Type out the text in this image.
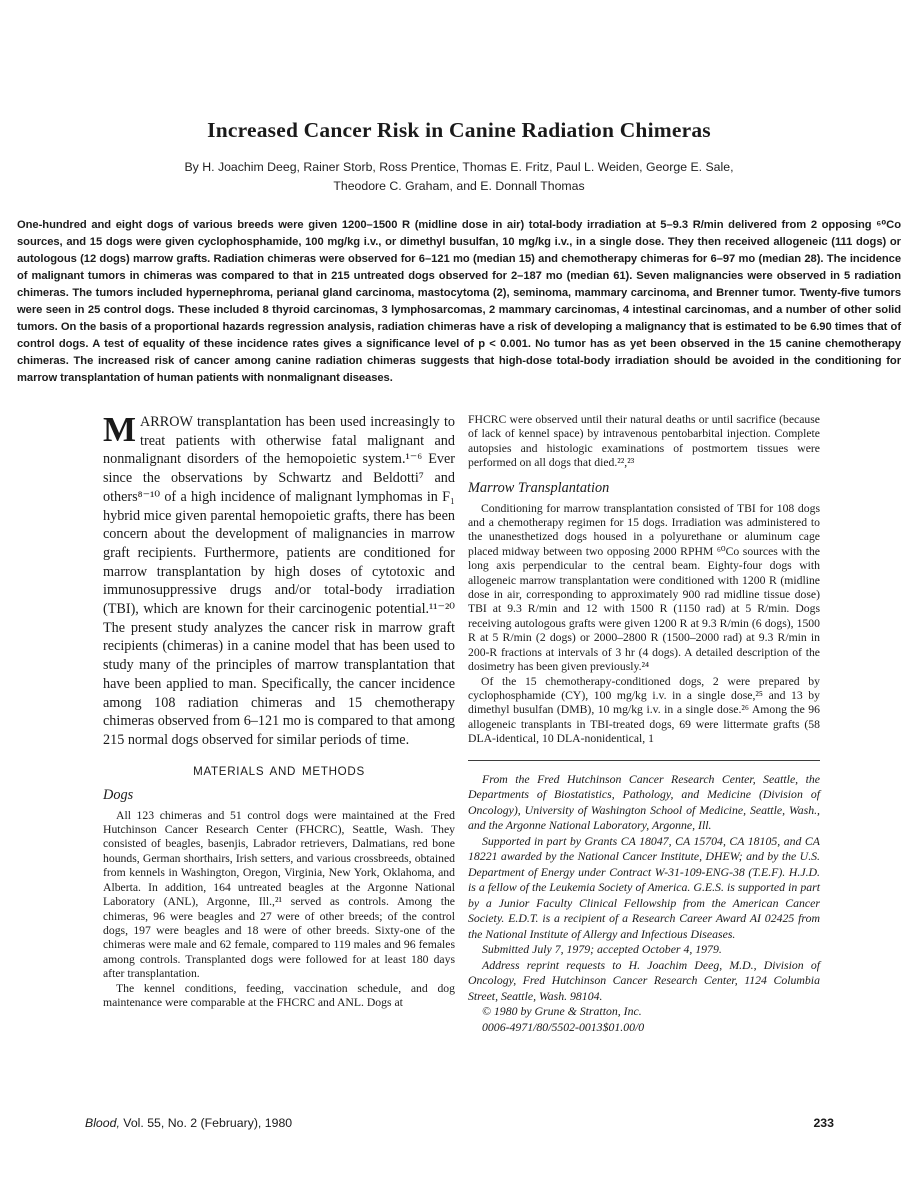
Increased Cancer Risk in Canine Radiation Chimeras
By H. Joachim Deeg, Rainer Storb, Ross Prentice, Thomas E. Fritz, Paul L. Weiden, George E. Sale,
Theodore C. Graham, and E. Donnall Thomas

One-hundred and eight dogs of various breeds were given 1200–1500 R (midline dose in air) total-body irradiation at 5–9.3 R/min delivered from 2 opposing ⁶⁰Co sources, and 15 dogs were given cyclophosphamide, 100 mg/kg i.v., or dimethyl busulfan, 10 mg/kg i.v., in a single dose. They then received allogeneic (111 dogs) or autologous (12 dogs) marrow grafts. Radiation chimeras were observed for 6–121 mo (median 15) and chemotherapy chimeras for 6–97 mo (median 28). The incidence of malignant tumors in chimeras was compared to that in 215 untreated dogs observed for 2–187 mo (median 61). Seven malignancies were observed in 5 radiation chimeras. The tumors included hypernephroma, perianal gland carcinoma, mastocytoma (2), seminoma, mammary carcinoma, and Brenner tumor. Twenty-five tumors were seen in 25 control dogs. These included 8 thyroid carcinomas, 3 lymphosarcomas, 2 mammary carcinomas, 4 intestinal carcinomas, and a number of other solid tumors. On the basis of a proportional hazards regression analysis, radiation chimeras have a risk of developing a malignancy that is estimated to be 6.90 times that of control dogs. A test of equality of these incidence rates gives a significance level of p < 0.001. No tumor has as yet been observed in the 15 canine chemotherapy chimeras. The increased risk of cancer among canine radiation chimeras suggests that high-dose total-body irradiation should be avoided in the conditioning for marrow transplantation of human patients with nonmalignant diseases.

MARROW transplantation has been used increasingly to treat patients with otherwise fatal malignant and nonmalignant disorders of the hemopoietic system.¹⁻⁶ Ever since the observations by Schwartz and Beldotti⁷ and others⁸⁻¹⁰ of a high incidence of malignant lymphomas in F₁ hybrid mice given parental hemopoietic grafts, there has been concern about the development of malignancies in marrow graft recipients. Furthermore, patients are conditioned for marrow transplantation by high doses of cytotoxic and immunosuppressive drugs and/or total-body irradiation (TBI), which are known for their carcinogenic potential.¹¹⁻²⁰ The present study analyzes the cancer risk in marrow graft recipients (chimeras) in a canine model that has been used to study many of the principles of marrow transplantation that have been applied to man. Specifically, the cancer incidence among 108 radiation chimeras and 15 chemotherapy chimeras observed from 6–121 mo is compared to that among 215 normal dogs observed for similar periods of time.

MATERIALS AND METHODS
Dogs

All 123 chimeras and 51 control dogs were maintained at the Fred Hutchinson Cancer Research Center (FHCRC), Seattle, Wash. They consisted of beagles, basenjis, Labrador retrievers, Dalmatians, red bone hounds, German shorthairs, Irish setters, and various crossbreeds, obtained from kennels in Washington, Oregon, Virginia, New York, Oklahoma, and Alberta. In addition, 164 untreated beagles at the Argonne National Laboratory (ANL), Argonne, Ill.,²¹ served as controls. Among the chimeras, 96 were beagles and 27 were of other breeds; of the control dogs, 197 were beagles and 18 were of other breeds. Sixty-one of the chimeras were male and 62 female, compared to 119 males and 96 females among controls. Transplanted dogs were followed for at least 180 days after transplantation.

The kennel conditions, feeding, vaccination schedule, and dog maintenance were comparable at the FHCRC and ANL. Dogs at

FHCRC were observed until their natural deaths or until sacrifice (because of lack of kennel space) by intravenous pentobarbital injection. Complete autopsies and histologic examinations of postmortem tissues were performed on all dogs that died.²²,²³

Marrow Transplantation

Conditioning for marrow transplantation consisted of TBI for 108 dogs and a chemotherapy regimen for 15 dogs. Irradiation was administered to the unanesthetized dogs housed in a polyurethane or aluminum cage placed midway between two opposing 2000 RPHM ⁶⁰Co sources with the long axis perpendicular to the central beam. Eighty-four dogs with allogeneic marrow transplantation were conditioned with 1200 R (midline dose in air, corresponding to approximately 900 rad midline tissue dose) TBI at 9.3 R/min and 12 with 1500 R (1150 rad) at 5 R/min. Dogs receiving autologous grafts were given 1200 R at 9.3 R/min (6 dogs), 1500 R at 5 R/min (2 dogs) or 2000–2800 R (1500–2000 rad) at 9.3 R/min in 200-R fractions at intervals of 3 hr (4 dogs). A detailed description of the dosimetry has been given previously.²⁴

Of the 15 chemotherapy-conditioned dogs, 2 were prepared by cyclophosphamide (CY), 100 mg/kg i.v. in a single dose,²⁵ and 13 by dimethyl busulfan (DMB), 10 mg/kg i.v. in a single dose.²⁶ Among the 96 allogeneic transplants in TBI-treated dogs, 69 were littermate grafts (58 DLA-identical, 10 DLA-nonidentical, 1

From the Fred Hutchinson Cancer Research Center, Seattle, the Departments of Biostatistics, Pathology, and Medicine (Division of Oncology), University of Washington School of Medicine, Seattle, Wash., and the Argonne National Laboratory, Argonne, Ill.

Supported in part by Grants CA 18047, CA 15704, CA 18105, and CA 18221 awarded by the National Cancer Institute, DHEW; and by the U.S. Department of Energy under Contract W-31-109-ENG-38 (T.E.F). H.J.D. is a fellow of the Leukemia Society of America. G.E.S. is supported in part by a Junior Faculty Clinical Fellowship from the American Cancer Society. E.D.T. is a recipient of a Research Career Award AI 02425 from the National Institute of Allergy and Infectious Diseases.

Submitted July 7, 1979; accepted October 4, 1979.

Address reprint requests to H. Joachim Deeg, M.D., Division of Oncology, Fred Hutchinson Cancer Research Center, 1124 Columbia Street, Seattle, Wash. 98104.

© 1980 by Grune & Stratton, Inc.

0006-4971/80/5502-0013$01.00/0

Blood, Vol. 55, No. 2 (February), 1980	233
